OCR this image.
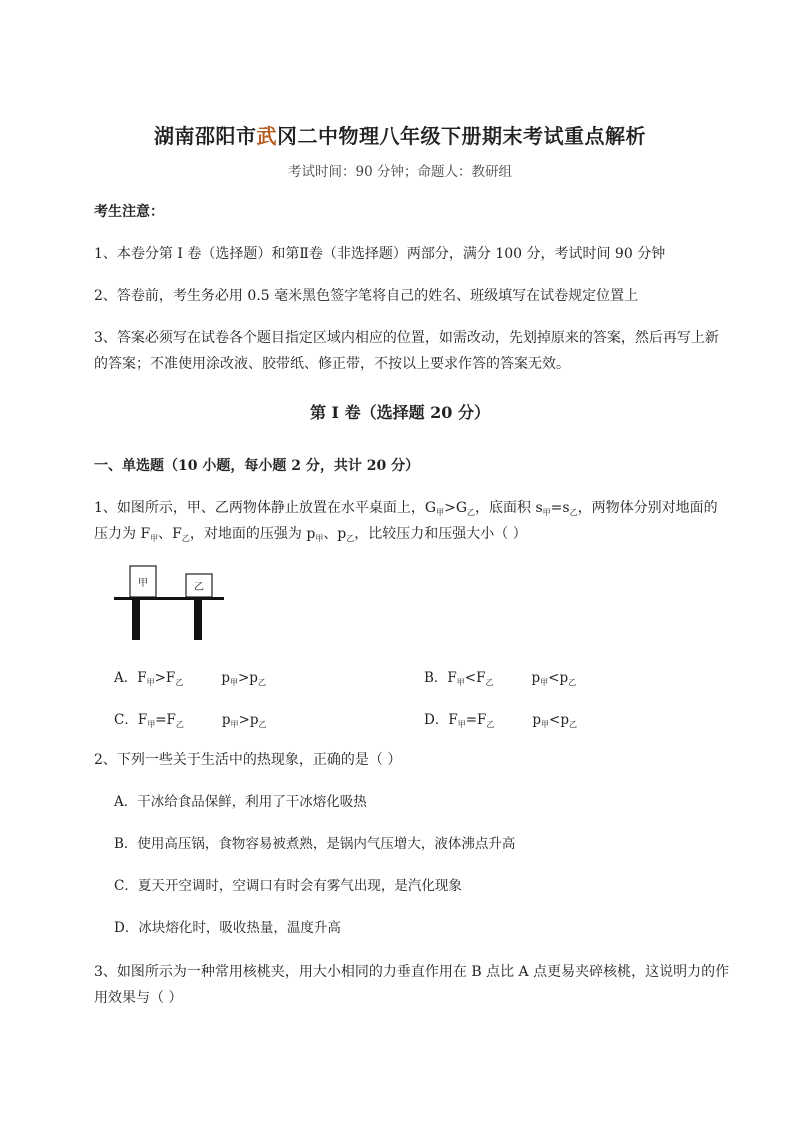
湖南邵阳市武冈二中物理八年级下册期末考试重点解析
考试时间：90 分钟；命题人：教研组
考生注意：
1、本卷分第 I 卷（选择题）和第Ⅱ卷（非选择题）两部分，满分 100 分，考试时间 90 分钟
2、答卷前，考生务必用 0.5 毫米黑色签字笔将自己的姓名、班级填写在试卷规定位置上
3、答案必须写在试卷各个题目指定区域内相应的位置，如需改动，先划掉原来的答案，然后再写上新
的答案；不准使用涂改液、胶带纸、修正带，不按以上要求作答的答案无效。
第 I 卷（选择题 20 分）
一、单选题（10 小题，每小题 2 分，共计 20 分）
1、如图所示，甲、乙两物体静止放置在水平桌面上，$G_甲>G_乙$，底面积 $s_甲=s_乙$，两物体分别对地面的
压力为 $F_甲$、$F_乙$，对地面的压强为 $p_甲$、$p_乙$，比较压力和压强大小（ ）
甲	乙
A．$F_甲>F_乙$	$p_甲>p_乙$	B．$F_甲<F_乙$	$p_甲<p_乙$
C．$F_甲=F_乙$	$p_甲>p_乙$	D．$F_甲=F_乙$	$p_甲<p_乙$
2、下列一些关于生活中的热现象，正确的是（ ）
A．干冰给食品保鲜，利用了干冰熔化吸热
B．使用高压锅，食物容易被煮熟，是锅内气压增大，液体沸点升高
C．夏天开空调时，空调口有时会有雾气出现，是汽化现象
D．冰块熔化时，吸收热量，温度升高
3、如图所示为一种常用核桃夹，用大小相同的力垂直作用在 B 点比 A 点更易夹碎核桃，这说明力的作
用效果与（ ）
